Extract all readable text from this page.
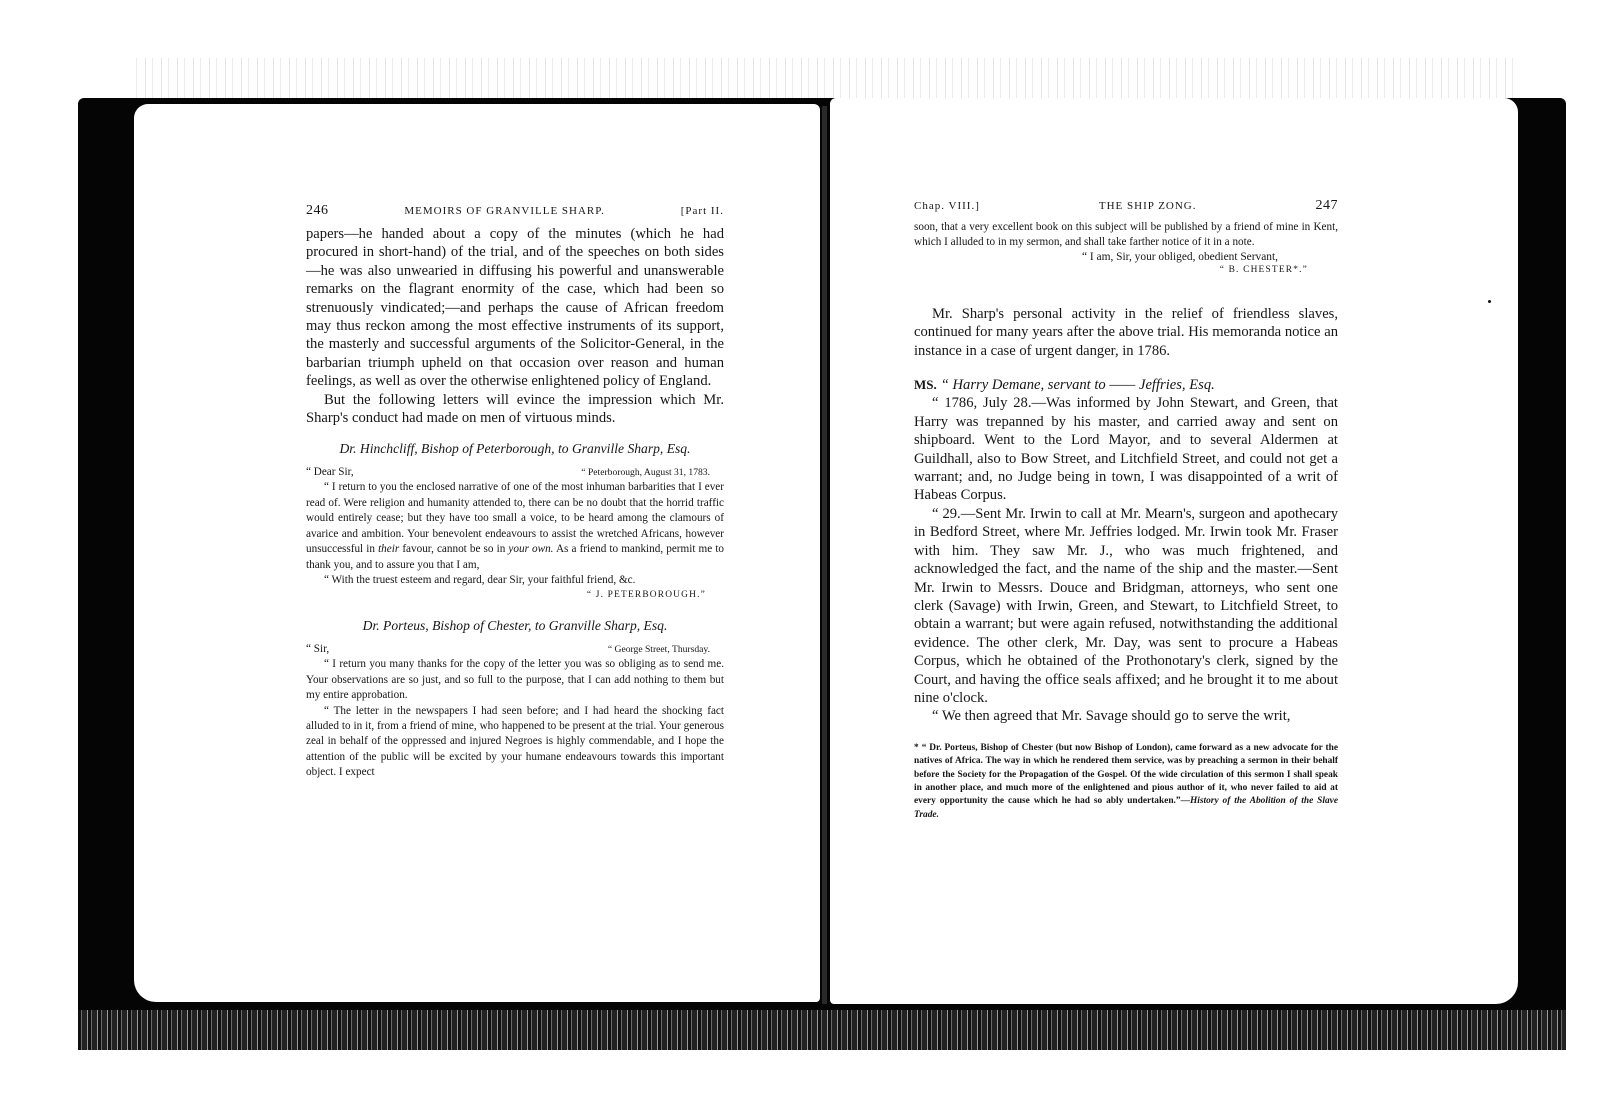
246	MEMOIRS OF GRANVILLE SHARP.	[Part II.

papers—he handed about a copy of the minutes (which he had procured in short-hand) of the trial, and of the speeches on both sides—he was also unwearied in diffusing his powerful and unanswerable remarks on the flagrant enormity of the case, which had been so strenuously vindicated;—and perhaps the cause of African freedom may thus reckon among the most effective instruments of its support, the masterly and successful arguments of the Solicitor-General, in the barbarian triumph upheld on that occasion over reason and human feelings, as well as over the otherwise enlightened policy of England.

But the following letters will evince the impression which Mr. Sharp's conduct had made on men of virtuous minds.

Dr. Hinchcliff, Bishop of Peterborough, to Granville Sharp, Esq.
“ Dear Sir,	“ Peterborough, August 31, 1783.

“ I return to you the enclosed narrative of one of the most inhuman barbarities that I ever read of. Were religion and humanity attended to, there can be no doubt that the horrid traffic would entirely cease; but they have too small a voice, to be heard among the clamours of avarice and ambition. Your benevolent endeavours to assist the wretched Africans, however unsuccessful in their favour, cannot be so in your own. As a friend to mankind, permit me to thank you, and to assure you that I am,

“ With the truest esteem and regard, dear Sir, your faithful friend, &c.

“ J. PETERBOROUGH.”
Dr. Porteus, Bishop of Chester, to Granville Sharp, Esq.
“ Sir,	“ George Street, Thursday.

“ I return you many thanks for the copy of the letter you was so obliging as to send me. Your observations are so just, and so full to the purpose, that I can add nothing to them but my entire approbation.

“ The letter in the newspapers I had seen before; and I had heard the shocking fact alluded to in it, from a friend of mine, who happened to be present at the trial. Your generous zeal in behalf of the oppressed and injured Negroes is highly commendable, and I hope the attention of the public will be excited by your humane endeavours towards this important object. I expect

Chap. VIII.]	THE SHIP ZONG.	247

soon, that a very excellent book on this subject will be published by a friend of mine in Kent, which I alluded to in my sermon, and shall take farther notice of it in a note.

“ I am, Sir, your obliged, obedient Servant,
“ B. CHESTER*.”

Mr. Sharp's personal activity in the relief of friendless slaves, continued for many years after the above trial. His memoranda notice an instance in a case of urgent danger, in 1786.

MS. “ Harry Demane, servant to —— Jeffries, Esq.

“ 1786, July 28.—Was informed by John Stewart, and Green, that Harry was trepanned by his master, and carried away and sent on shipboard. Went to the Lord Mayor, and to several Aldermen at Guildhall, also to Bow Street, and Litchfield Street, and could not get a warrant; and, no Judge being in town, I was disappointed of a writ of Habeas Corpus.

“ 29.—Sent Mr. Irwin to call at Mr. Mearn's, surgeon and apothecary in Bedford Street, where Mr. Jeffries lodged. Mr. Irwin took Mr. Fraser with him. They saw Mr. J., who was much frightened, and acknowledged the fact, and the name of the ship and the master.—Sent Mr. Irwin to Messrs. Douce and Bridgman, attorneys, who sent one clerk (Savage) with Irwin, Green, and Stewart, to Litchfield Street, to obtain a warrant; but were again refused, notwithstanding the additional evidence. The other clerk, Mr. Day, was sent to procure a Habeas Corpus, which he obtained of the Prothonotary's clerk, signed by the Court, and having the office seals affixed; and he brought it to me about nine o'clock.

“ We then agreed that Mr. Savage should go to serve the writ,

* “ Dr. Porteus, Bishop of Chester (but now Bishop of London), came forward as a new advocate for the natives of Africa. The way in which he rendered them service, was by preaching a sermon in their behalf before the Society for the Propagation of the Gospel. Of the wide circulation of this sermon I shall speak in another place, and much more of the enlightened and pious author of it, who never failed to aid at every opportunity the cause which he had so ably undertaken.”—History of the Abolition of the Slave Trade.
